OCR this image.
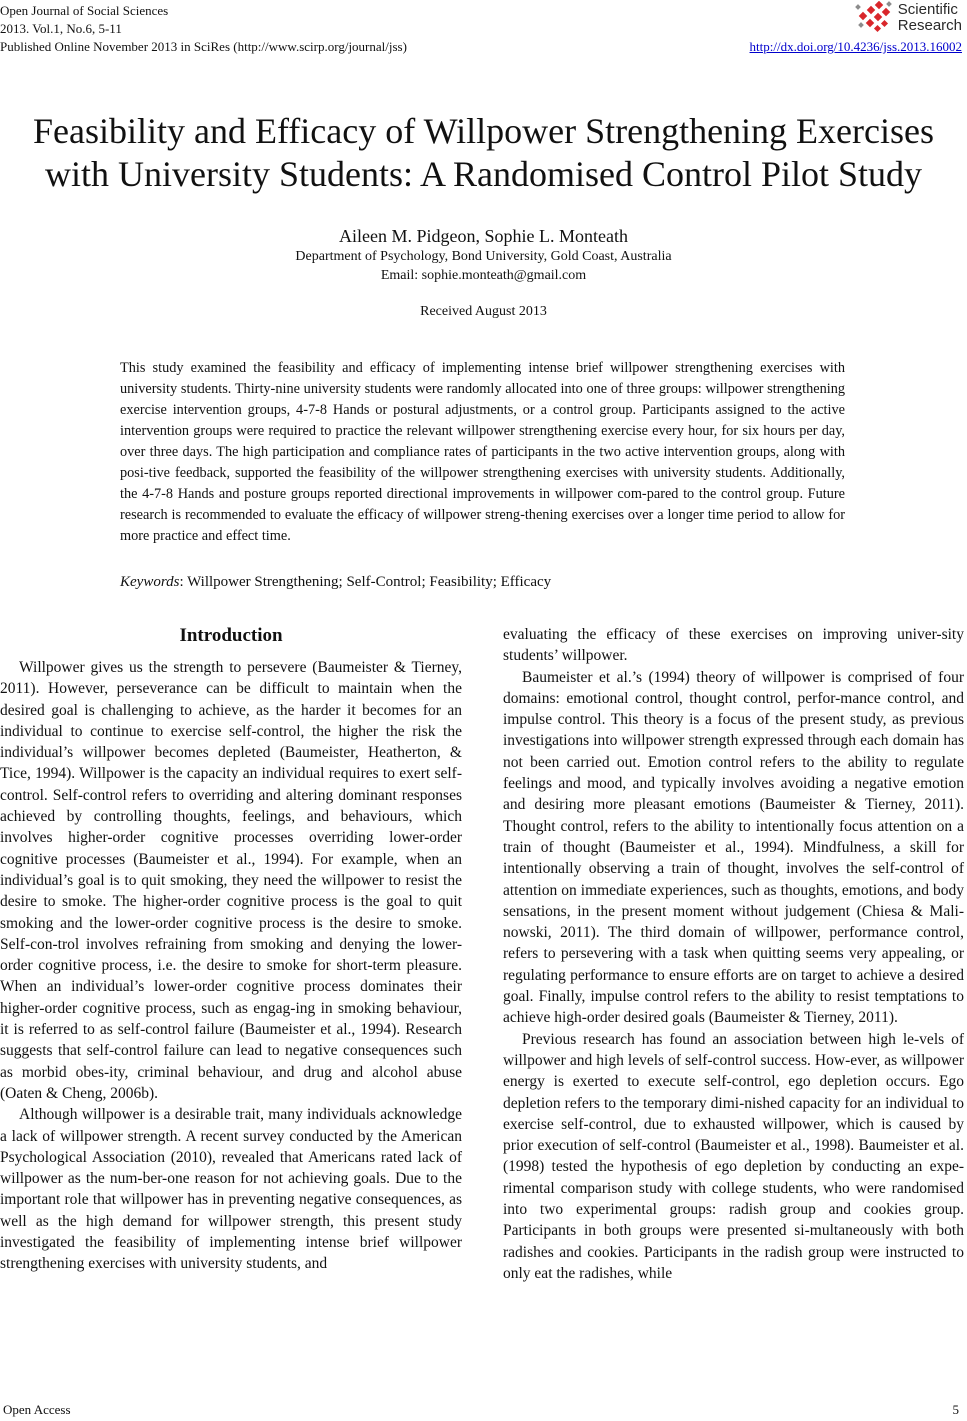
Open Journal of Social Sciences
2013. Vol.1, No.6, 5-11
Published Online November 2013 in SciRes (http://www.scirp.org/journal/jss)
Scientific
Research
http://dx.doi.org/10.4236/jss.2013.16002
Feasibility and Efficacy of Willpower Strengthening Exercises
with University Students: A Randomised Control Pilot Study
Aileen M. Pidgeon, Sophie L. Monteath
Department of Psychology, Bond University, Gold Coast, Australia
Email: sophie.monteath@gmail.com
Received August 2013

This study examined the feasibility and efficacy of implementing intense brief willpower strengthening exercises with university students. Thirty-nine university students were randomly allocated into one of three groups: willpower strengthening exercise intervention groups, 4-7-8 Hands or postural adjustments, or a control group. Participants assigned to the active intervention groups were required to practice the relevant willpower strengthening exercise every hour, for six hours per day, over three days. The high participation and compliance rates of participants in the two active intervention groups, along with posi-tive feedback, supported the feasibility of the willpower strengthening exercises with university students. Additionally, the 4-7-8 Hands and posture groups reported directional improvements in willpower com-pared to the control group. Future research is recommended to evaluate the efficacy of willpower streng-thening exercises over a longer time period to allow for more practice and effect time.

Keywords: Willpower Strengthening; Self-Control; Feasibility; Efficacy
Introduction

Willpower gives us the strength to persevere (Baumeister & Tierney, 2011). However, perseverance can be difficult to maintain when the desired goal is challenging to achieve, as the harder it becomes for an individual to continue to exercise self-control, the higher the risk the individual’s willpower becomes depleted (Baumeister, Heatherton, & Tice, 1994). Willpower is the capacity an individual requires to exert self-control. Self-control refers to overriding and altering dominant responses achieved by controlling thoughts, feelings, and behaviours, which involves higher-order cognitive processes overriding lower-order cognitive processes (Baumeister et al., 1994). For example, when an individual’s goal is to quit smoking, they need the willpower to resist the desire to smoke. The higher-order cognitive process is the goal to quit smoking and the lower-order cognitive process is the desire to smoke. Self-con-trol involves refraining from smoking and denying the lower-order cognitive process, i.e. the desire to smoke for short-term pleasure. When an individual’s lower-order cognitive process dominates their higher-order cognitive process, such as engag-ing in smoking behaviour, it is referred to as self-control failure (Baumeister et al., 1994). Research suggests that self-control failure can lead to negative consequences such as morbid obes-ity, criminal behaviour, and drug and alcohol abuse (Oaten & Cheng, 2006b).

Although willpower is a desirable trait, many individuals acknowledge a lack of willpower strength. A recent survey conducted by the American Psychological Association (2010), revealed that Americans rated lack of willpower as the num-ber-one reason for not achieving goals. Due to the important role that willpower has in preventing negative consequences, as well as the high demand for willpower strength, this present study investigated the feasibility of implementing intense brief willpower strengthening exercises with university students, and

evaluating the efficacy of these exercises on improving univer-sity students’ willpower.

Baumeister et al.’s (1994) theory of willpower is comprised of four domains: emotional control, thought control, perfor-mance control, and impulse control. This theory is a focus of the present study, as previous investigations into willpower strength expressed through each domain has not been carried out. Emotion control refers to the ability to regulate feelings and mood, and typically involves avoiding a negative emotion and desiring more pleasant emotions (Baumeister & Tierney, 2011). Thought control, refers to the ability to intentionally focus attention on a train of thought (Baumeister et al., 1994). Mindfulness, a skill for intentionally observing a train of thought, involves the self-control of attention on immediate experiences, such as thoughts, emotions, and body sensations, in the present moment without judgement (Chiesa & Mali-nowski, 2011). The third domain of willpower, performance control, refers to persevering with a task when quitting seems very appealing, or regulating performance to ensure efforts are on target to achieve a desired goal. Finally, impulse control refers to the ability to resist temptations to achieve high-order desired goals (Baumeister & Tierney, 2011).

Previous research has found an association between high le-vels of willpower and high levels of self-control success. How-ever, as willpower energy is exerted to execute self-control, ego depletion occurs. Ego depletion refers to the temporary dimi-nished capacity for an individual to exercise self-control, due to exhausted willpower, which is caused by prior execution of self-control (Baumeister et al., 1998). Baumeister et al. (1998) tested the hypothesis of ego depletion by conducting an expe-rimental comparison study with college students, who were randomised into two experimental groups: radish group and cookies group. Participants in both groups were presented si-multaneously with both radishes and cookies. Participants in the radish group were instructed to only eat the radishes, while

Open Access	5
